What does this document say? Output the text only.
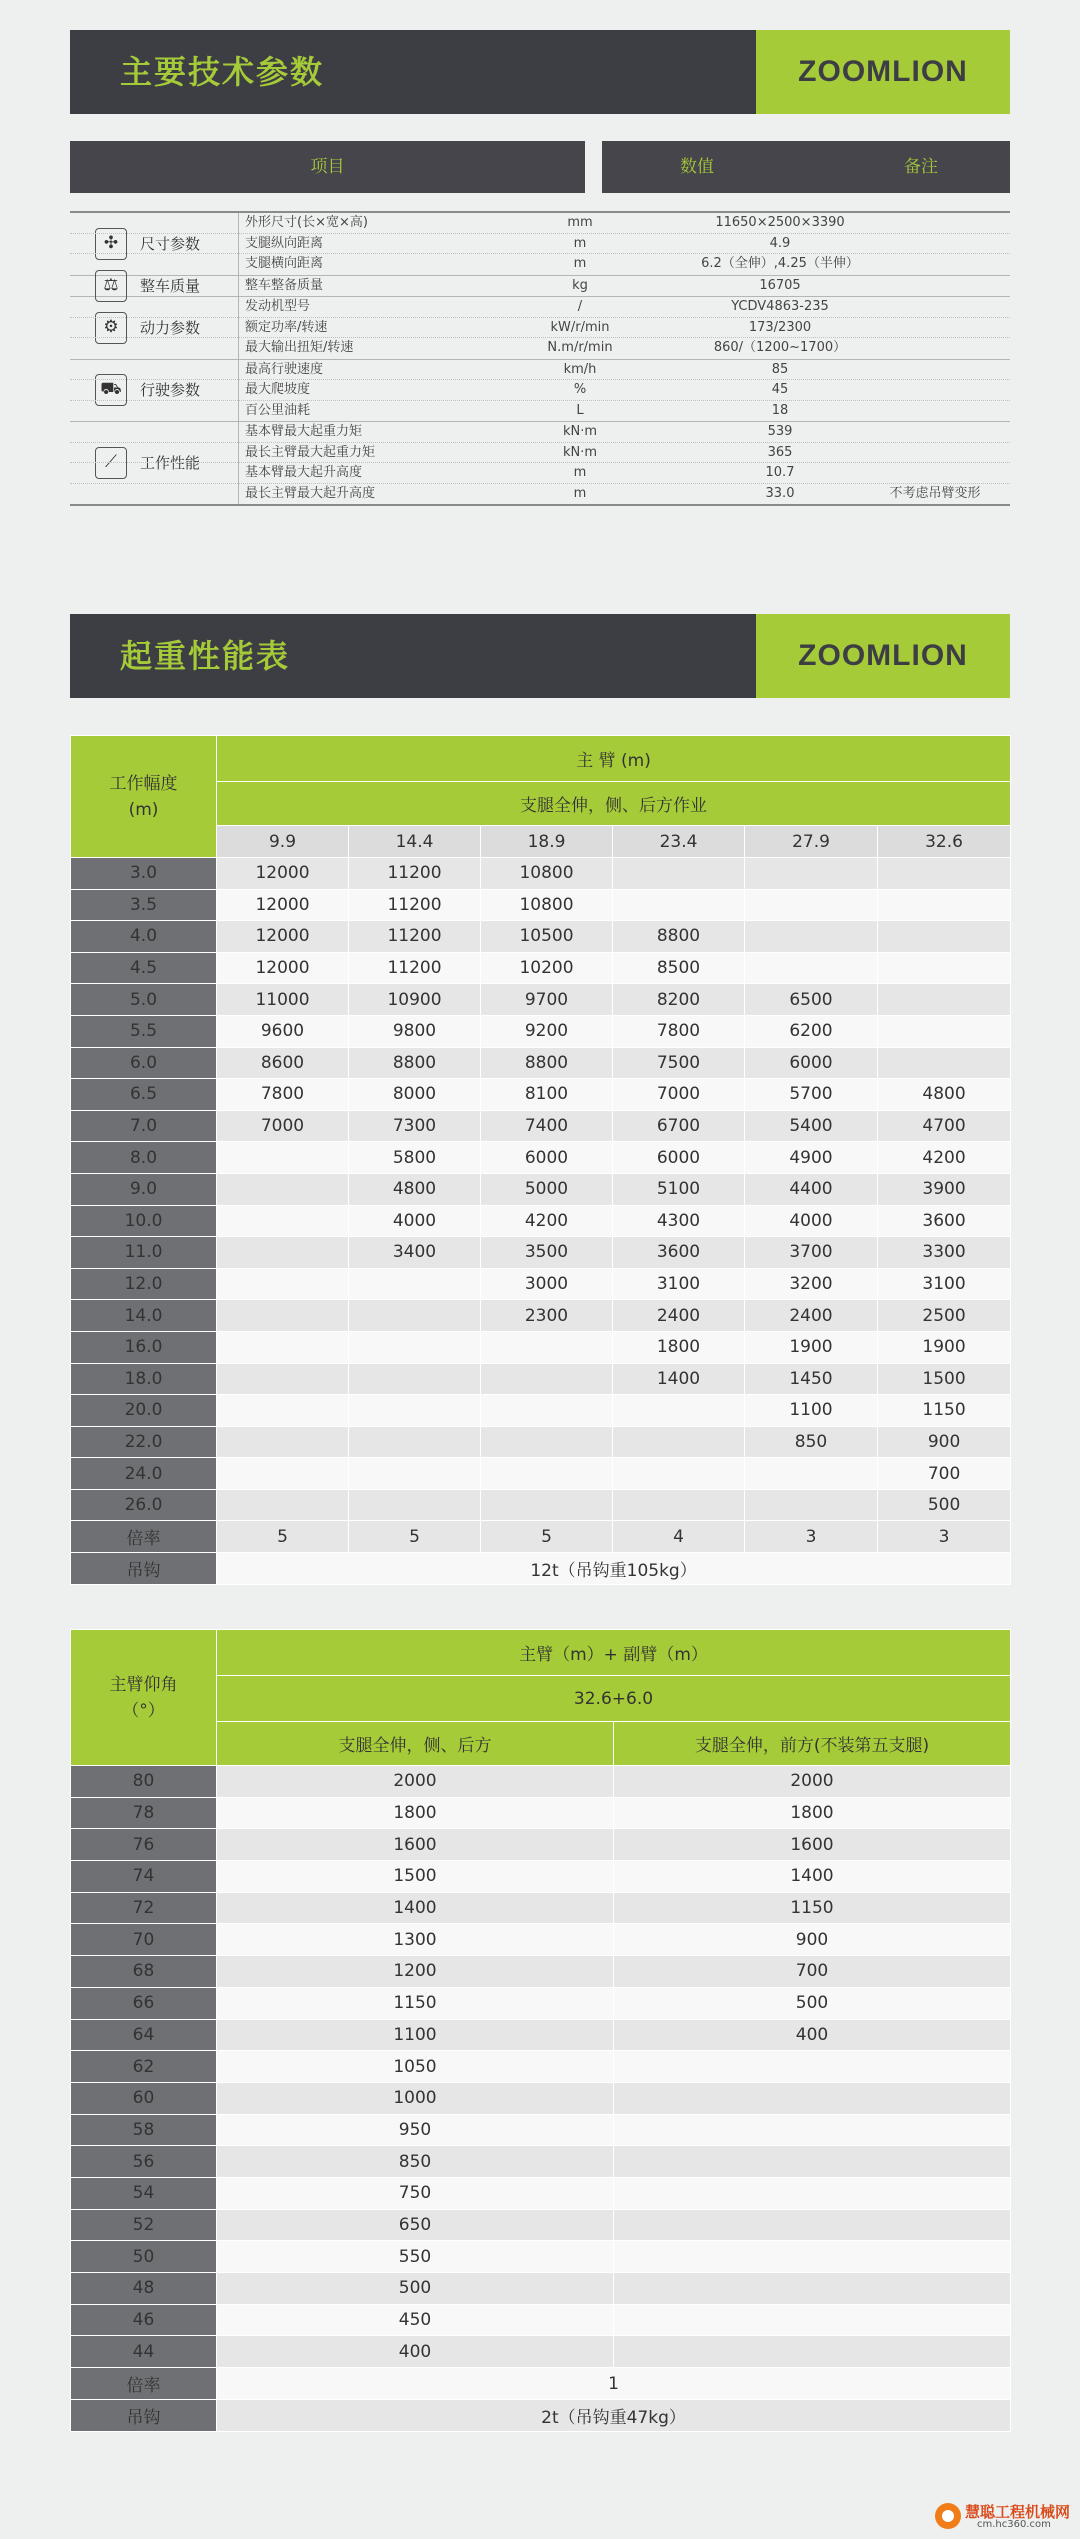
主要技术参数	ZOOMLION
项目	数值	备注
✣	尺寸参数
外形尺寸(长×宽×高)	mm	11650×2500×3390
支腿纵向距离	m	4.9
支腿横向距离	m	6.2（全伸）,4.25（半伸）
⚖	整车质量	整车整备质量	kg	16705
⚙	动力参数
发动机型号	/	YCDV4863-235
额定功率/转速	kW/r/min	173/2300
最大输出扭矩/转速	N.m/r/min	860/（1200~1700）
⛟	行驶参数
最高行驶速度	km/h	85
最大爬坡度	%	45
百公里油耗	L	18
⟋	工作性能
基本臂最大起重力矩	kN·m	539
最长主臂最大起重力矩	kN·m	365
基本臂最大起升高度	m	10.7
最长主臂最大起升高度	m	33.0	不考虑吊臂变形
起重性能表	ZOOMLION
工作幅度
(m)	主 臂 (m)					
	支腿全伸，侧、后方作业					
	9.9	14.4	18.9	23.4	27.9	32.6
3.0	12000	11200	10800			
3.5	12000	11200	10800			
4.0	12000	11200	10500	8800		
4.5	12000	11200	10200	8500		
5.0	11000	10900	9700	8200	6500	
5.5	9600	9800	9200	7800	6200	
6.0	8600	8800	8800	7500	6000	
6.5	7800	8000	8100	7000	5700	4800
7.0	7000	7300	7400	6700	5400	4700
8.0		5800	6000	6000	4900	4200
9.0		4800	5000	5100	4400	3900
10.0		4000	4200	4300	4000	3600
11.0		3400	3500	3600	3700	3300
12.0			3000	3100	3200	3100
14.0			2300	2400	2400	2500
16.0				1800	1900	1900
18.0				1400	1450	1500
20.0					1100	1150
22.0					850	900
24.0						700
26.0						500
倍率	5	5	5	4	3	3
吊钩	12t（吊钩重105kg）					
主臂仰角
（°）	主臂（m）+ 副臂（m）	
	32.6+6.0	
	支腿全伸，侧、后方	支腿全伸，前方(不装第五支腿)
80	2000	2000
78	1800	1800
76	1600	1600
74	1500	1400
72	1400	1150
70	1300	900
68	1200	700
66	1150	500
64	1100	400
62	1050	
60	1000	
58	950	
56	850	
54	750	
52	650	
50	550	
48	500	
46	450	
44	400	
倍率	1	
吊钩	2t（吊钩重47kg）	
慧聪工程机械网
cm.hc360.com
